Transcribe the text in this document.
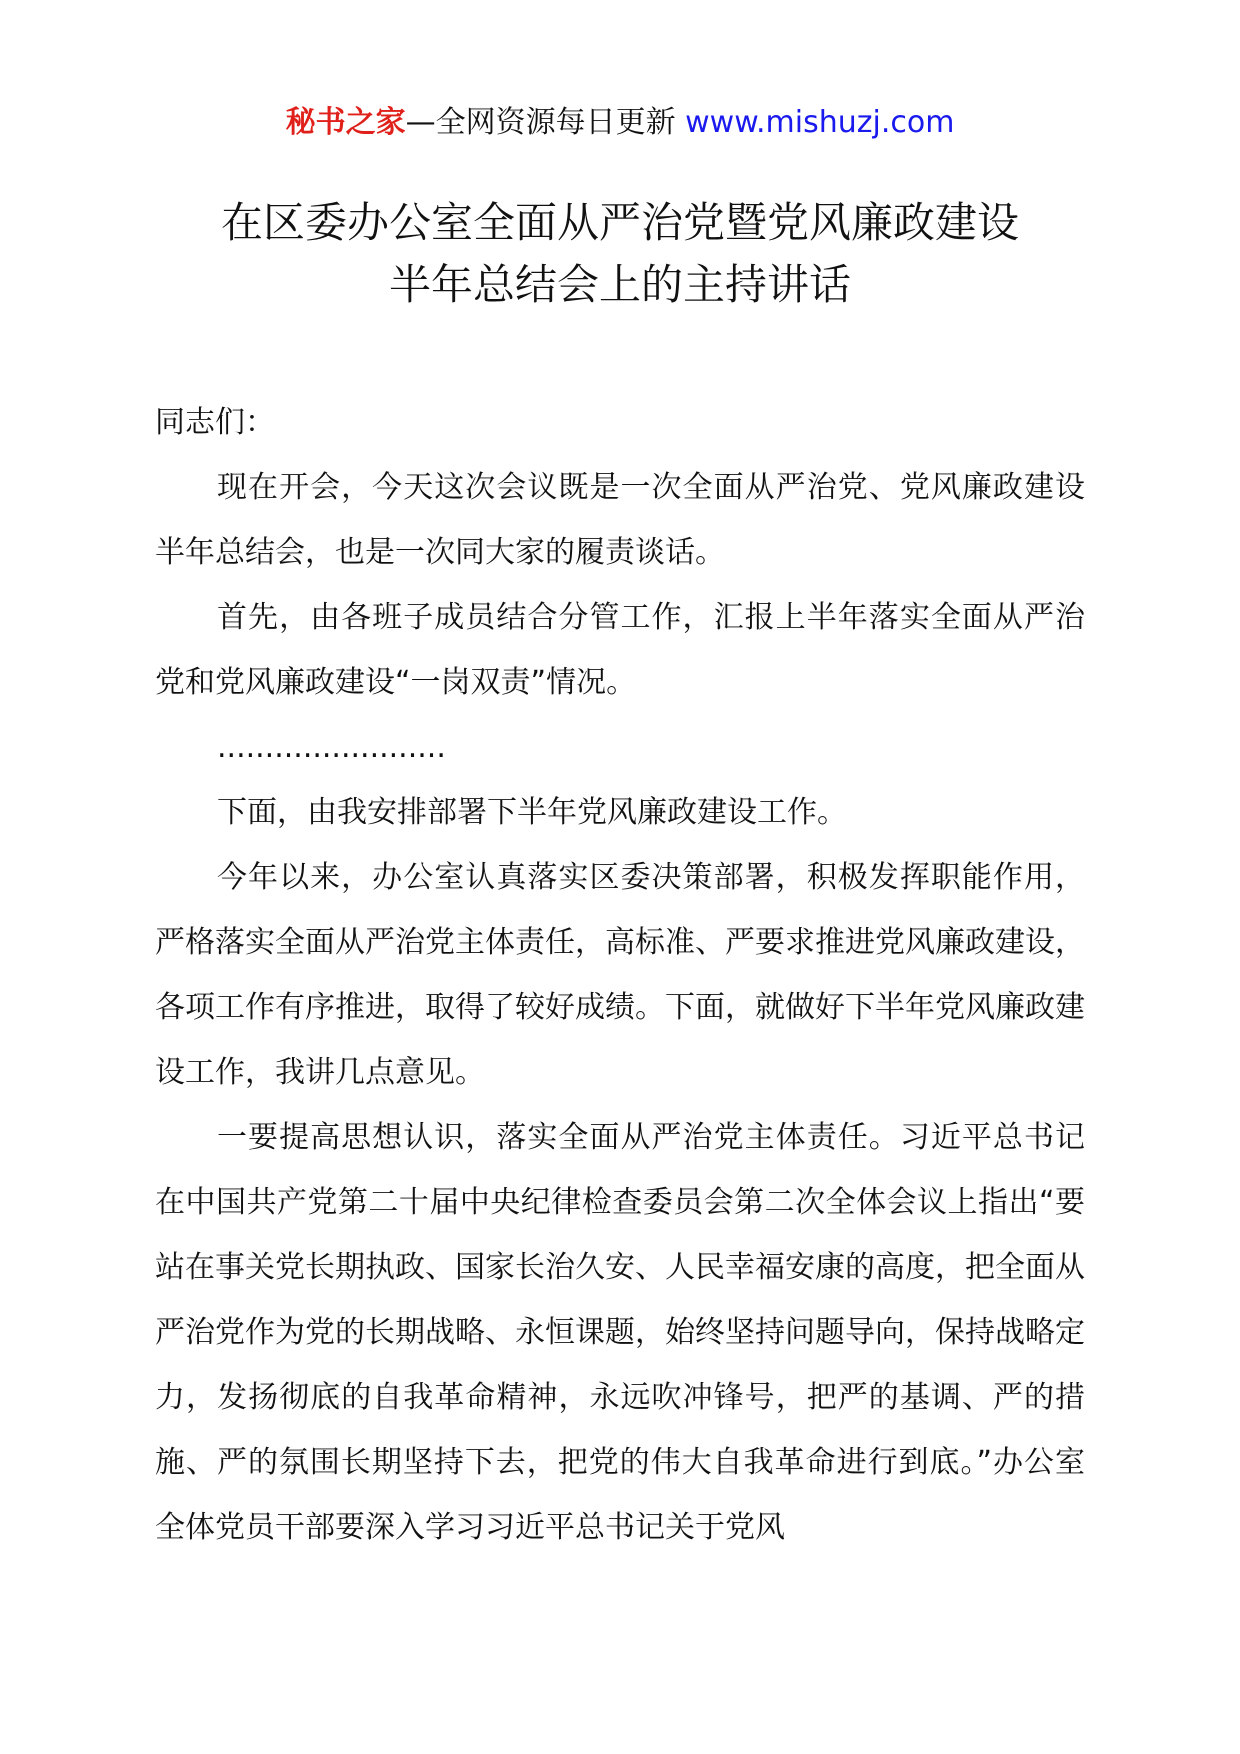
秘书之家—全网资源每日更新 www.mishuzj.com
在区委办公室全面从严治党暨党风廉政建设
半年总结会上的主持讲话

同志们：

现在开会，今天这次会议既是一次全面从严治党、党风廉政建设半年总结会，也是一次同大家的履责谈话。

首先，由各班子成员结合分管工作，汇报上半年落实全面从严治党和党风廉政建设“一岗双责”情况。

........................

下面，由我安排部署下半年党风廉政建设工作。

今年以来，办公室认真落实区委决策部署，积极发挥职能作用，严格落实全面从严治党主体责任，高标准、严要求推进党风廉政建设，各项工作有序推进，取得了较好成绩。下面，就做好下半年党风廉政建设工作，我讲几点意见。

一要提高思想认识，落实全面从严治党主体责任。习近平总书记在中国共产党第二十届中央纪律检查委员会第二次全体会议上指出“要站在事关党长期执政、国家长治久安、人民幸福安康的高度，把全面从严治党作为党的长期战略、永恒课题，始终坚持问题导向，保持战略定力，发扬彻底的自我革命精神，永远吹冲锋号，把严的基调、严的措施、严的氛围长期坚持下去，把党的伟大自我革命进行到底。”办公室全体党员干部要深入学习习近平总书记关于党风
